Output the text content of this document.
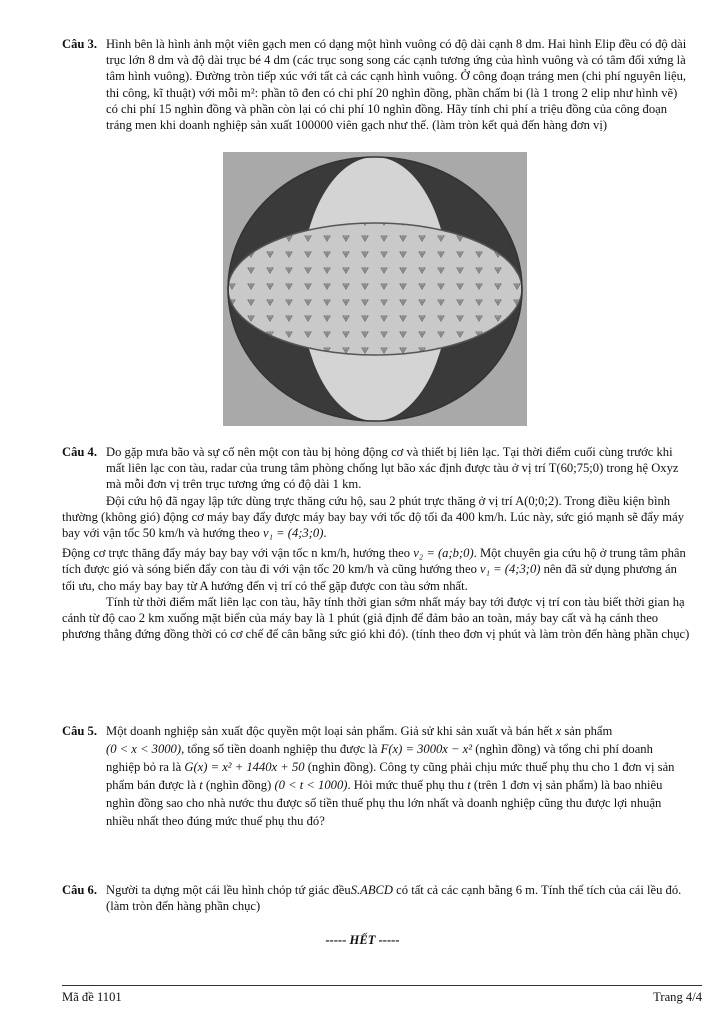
Câu 3. Hình bên là hình ảnh một viên gạch men có dạng một hình vuông có độ dài cạnh 8 dm. Hai hình Elip đều có độ dài trục lớn 8 dm và độ dài trục bé 4 dm (các trục song song các cạnh tương ứng của hình vuông và có tâm đối xứng là tâm hình vuông). Đường tròn tiếp xúc với tất cả các cạnh hình vuông. Ở công đoạn tráng men (chi phí nguyên liệu, thi công, kĩ thuật) với mỗi m²: phần tô đen có chi phí 20 nghìn đồng, phần chấm bi (là 1 trong 2 elip như hình vẽ) có chi phí 15 nghìn đồng và phần còn lại có chi phí 10 nghìn đồng. Hãy tính chi phí a triệu đồng của công đoạn tráng men khi doanh nghiệp sản xuất 100000 viên gạch như thế. (làm tròn kết quả đến hàng đơn vị)

Câu 4. Do gặp mưa bão và sự cố nên một con tàu bị hỏng động cơ và thiết bị liên lạc. Tại thời điểm cuối cùng trước khi mất liên lạc con tàu, radar của trung tâm phòng chống lụt bão xác định được tàu ở vị trí T(60;75;0) trong hệ Oxyz mà mỗi đơn vị trên trục tương ứng có độ dài 1 km.

Đội cứu hộ đã ngay lập tức dùng trực thăng cứu hộ, sau 2 phút trực thăng ở vị trí A(0;0;2). Trong điều kiện bình thường (không gió) động cơ máy bay đẩy được máy bay bay với tốc độ tối đa 400 km/h. Lúc này, sức gió mạnh sẽ đẩy máy bay với vận tốc 50 km/h và hướng theo v₁ = (4;3;0).

Động cơ trực thăng đẩy máy bay bay với vận tốc n km/h, hướng theo v₂ = (a;b;0). Một chuyên gia cứu hộ ở trung tâm phân tích được gió và sóng biển đẩy con tàu đi với vận tốc 20 km/h và cũng hướng theo v₁ = (4;3;0) nên đã sử dụng phương án tối ưu, cho máy bay bay từ A hướng đến vị trí có thể gặp được con tàu sớm nhất.

Tính từ thời điểm mất liên lạc con tàu, hãy tính thời gian sớm nhất máy bay tới được vị trí con tàu biết thời gian hạ cánh từ độ cao 2 km xuống mặt biển của máy bay là 1 phút (giả định để đảm bảo an toàn, máy bay cất và hạ cánh theo phương thẳng đứng đồng thời có cơ chế để cân bằng sức gió khi đó). (tính theo đơn vị phút và làm tròn đến hàng phần chục)

Câu 5. Một doanh nghiệp sản xuất độc quyền một loại sản phẩm. Giả sử khi sản xuất và bán hết x sản phẩm (0 < x < 3000), tổng số tiền doanh nghiệp thu được là F(x) = 3000x − x² (nghìn đồng) và tổng chi phí doanh nghiệp bỏ ra là G(x) = x² + 1440x + 50 (nghìn đồng). Công ty cũng phải chịu mức thuế phụ thu cho 1 đơn vị sản phẩm bán được là t (nghìn đồng) (0 < t < 1000). Hỏi mức thuế phụ thu t (trên 1 đơn vị sản phẩm) là bao nhiêu nghìn đồng sao cho nhà nước thu được số tiền thuế phụ thu lớn nhất và doanh nghiệp cũng thu được lợi nhuận nhiều nhất theo đúng mức thuế phụ thu đó?

Câu 6. Người ta dựng một cái lều hình chóp tứ giác đềuS.ABCD có tất cả các cạnh bằng 6 m. Tính thể tích của cái lều đó. (làm tròn đến hàng phần chục)

----- HẾT -----
Mã đề 1101	Trang 4/4
